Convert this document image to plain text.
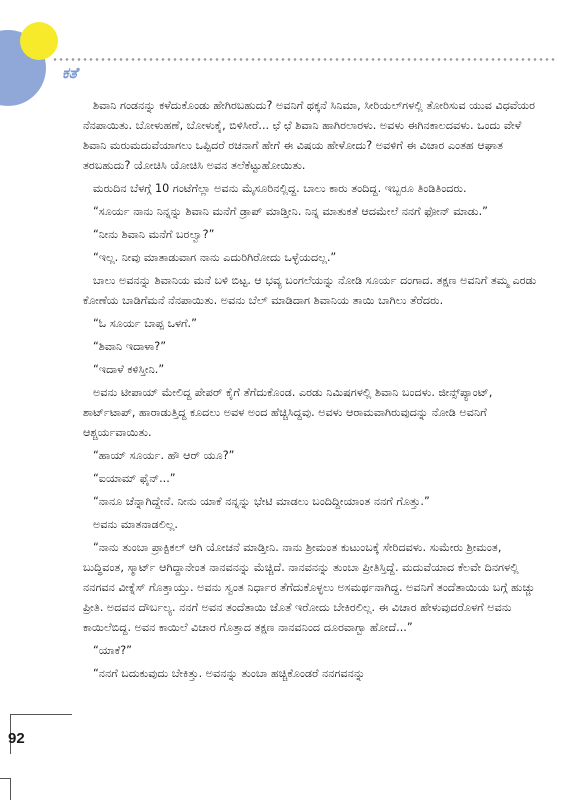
ಕತೆ

ಶಿವಾನಿ ಗಂಡನನ್ನು ಕಳೆದುಕೊಂಡು ಹೇಗಿರಬಹುದು? ಅವನಿಗೆ ಥಕ್ಕನೆ ಸಿನಿಮಾ, ಸೀರಿಯಲ್‌ಗಳಲ್ಲಿ ತೋರಿಸುವ ಯುವ ವಿಧವೆಯರ ನೆನಪಾಯಿತು. ಬೋಳುಹಣೆ, ಬೋಳುಕೈ, ಬಿಳಿಸೀರೆ... ಛೆ ಛೆ ಶಿವಾನಿ ಹಾಗಿರಲಾರಳು. ಅವಳು ಈಗಿನಕಾಲದವಳು. ಒಂದು ವೇಳೆ ಶಿವಾನಿ ಮರುಮದುವೆಯಾಗಲು ಒಪ್ಪಿದರೆ ರಚನಾಗೆ ಹೇಗೆ ಈ ವಿಷಯ ಹೇಳೋದು? ಅವಳಿಗೆ ಈ ವಿಚಾರ ಎಂತಹ ಆಘಾತ ತರಬಹುದು? ಯೋಚಿಸಿ ಯೋಚಿಸಿ ಅವನ ತಲೆಕೆಟ್ಟುಹೋಯಿತು.

ಮರುದಿನ ಬೆಳಗ್ಗೆ 10 ಗಂಟೆಗೆಲ್ಲಾ ಅವನು ಮೈಸೂರಿನಲ್ಲಿದ್ದ. ಬಾಲು ಕಾರು ತಂದಿದ್ದ. ಇಬ್ಬರೂ ತಿಂಡಿತಿಂದರು.

“ಸೂರ್ಯ ನಾನು ನಿನ್ನನ್ನು ಶಿವಾನಿ ಮನೆಗೆ ಡ್ರಾಪ್ ಮಾಡ್ತೀನಿ. ನಿನ್ನ ಮಾತುಕತೆ ಆದಮೇಲೆ ನನಗೆ ಫೋನ್ ಮಾಡು.”

“ನೀನು ಶಿವಾನಿ ಮನೆಗೆ ಬರಲ್ವಾ?”

“ಇಲ್ಲ. ನೀವು ಮಾತಾಡುವಾಗ ನಾನು ಎದುರಿಗಿರೋದು ಒಳ್ಳೆಯದಲ್ಲ.”

ಬಾಲು ಅವನನ್ನು ಶಿವಾನಿಯ ಮನೆ ಬಳಿ ಬಿಟ್ಟ. ಆ ಭವ್ಯ ಬಂಗಲೆಯನ್ನು ನೋಡಿ ಸೂರ್ಯ ದಂಗಾದ. ತಕ್ಷಣ ಅವನಿಗೆ ತಮ್ಮ ಎರಡು ಕೋಣೆಯ ಬಾಡಿಗೆಮನೆ ನೆನಪಾಯಿತು. ಅವನು ಬೆಲ್ ಮಾಡಿದಾಗ ಶಿವಾನಿಯ ತಾಯಿ ಬಾಗಿಲು ತೆರೆದರು.

“ಓ ಸೂರ್ಯ ಬಾಪ್ಪ ಒಳಗೆ.”

“ಶಿವಾನಿ ಇದಾಳಾ?”

“ಇದಾಳೆ ಕಳಿಸ್ತೀನಿ.”

ಅವನು ಟೀಪಾಯ್ ಮೇಲಿದ್ದ ಪೇಪರ್ ಕೈಗೆ ತೆಗೆದುಕೊಂಡ. ಎರಡು ನಿಮಿಷಗಳಲ್ಲಿ ಶಿವಾನಿ ಬಂದಳು. ಜೀನ್ಸ್‌ಪ್ಯಾಂಟ್, ಶಾರ್ಟ್‌ಟಾಪ್, ಹಾರಾಡುತ್ತಿದ್ದ ಕೂದಲು ಅವಳ ಅಂದ ಹೆಚ್ಚಿಸಿದ್ದವು. ಅವಳು ಆರಾಮವಾಗಿರುವುದನ್ನು ನೋಡಿ ಅವನಿಗೆ ಆಶ್ಚರ್ಯವಾಯಿತು.

“ಹಾಯ್ ಸೂರ್ಯ. ಹೌ ಆರ್ ಯೂ?”

“ಐಯಾಮ್ ಫೈನ್...”

“ನಾನೂ ಚೆನ್ನಾಗಿದ್ದೇನೆ. ನೀನು ಯಾಕೆ ನನ್ನನ್ನು ಭೇಟಿ ಮಾಡಲು ಬಂದಿದ್ದೀಯಾಂತ ನನಗೆ ಗೊತ್ತು.”

ಅವನು ಮಾತನಾಡಲಿಲ್ಲ.

“ನಾನು ತುಂಬಾ ಪ್ರಾಕ್ಟಿಕಲ್ ಆಗಿ ಯೋಚನೆ ಮಾಡ್ತೀನಿ. ನಾನು ಶ್ರೀಮಂತ ಕುಟುಂಬಕ್ಕೆ ಸೇರಿದವಳು. ಸುಮೇರು ಶ್ರೀಮಂತ, ಬುದ್ಧಿವಂತ, ಸ್ಮಾರ್ಟ್ ಆಗಿದ್ದಾನೇಂತ ನಾನವನನ್ನು ಮೆಚ್ಚಿದೆ. ನಾನವನನ್ನು ತುಂಬಾ ಪ್ರೀತಿಸ್ತಿದ್ದೆ. ಮದುವೆಯಾದ ಕೆಲವೇ ದಿನಗಳಲ್ಲಿ ನನಗವನ ವೀಕ್ನೆಸ್ ಗೊತ್ತಾಯ್ತು. ಅವನು ಸ್ವಂತ ನಿರ್ಧಾರ ತೆಗೆದುಕೊಳ್ಳಲು ಅಸಮರ್ಥನಾಗಿದ್ದ. ಅವನಿಗೆ ತಂದೆತಾಯಿಯ ಬಗ್ಗೆ ಹುಚ್ಚು ಪ್ರೀತಿ. ಅದವನ ದೌರ್ಬಲ್ಯ. ನನಗೆ ಅವನ ತಂದೆತಾಯಿ ಜೊತೆ ಇರೋದು ಬೇಕಿರಲಿಲ್ಲ. ಈ ವಿಚಾರ ಹೇಳುವುದರೊಳಗೆ ಅವನು ಕಾಯಿಲೆಬಿದ್ದ. ಅವನ ಕಾಯಿಲೆ ವಿಚಾರ ಗೊತ್ತಾದ ತಕ್ಷಣ ನಾನವನಿಂದ ದೂರವಾಗ್ಬಾ ಹೋದೆ...”

“ಯಾಕೆ?”

“ನನಗೆ ಬದುಕುವುದು ಬೇಕಿತ್ತು. ಅವನನ್ನು ತುಂಬಾ ಹಚ್ಚಿಕೊಂಡರೆ ನನಗವನನ್ನು

92
